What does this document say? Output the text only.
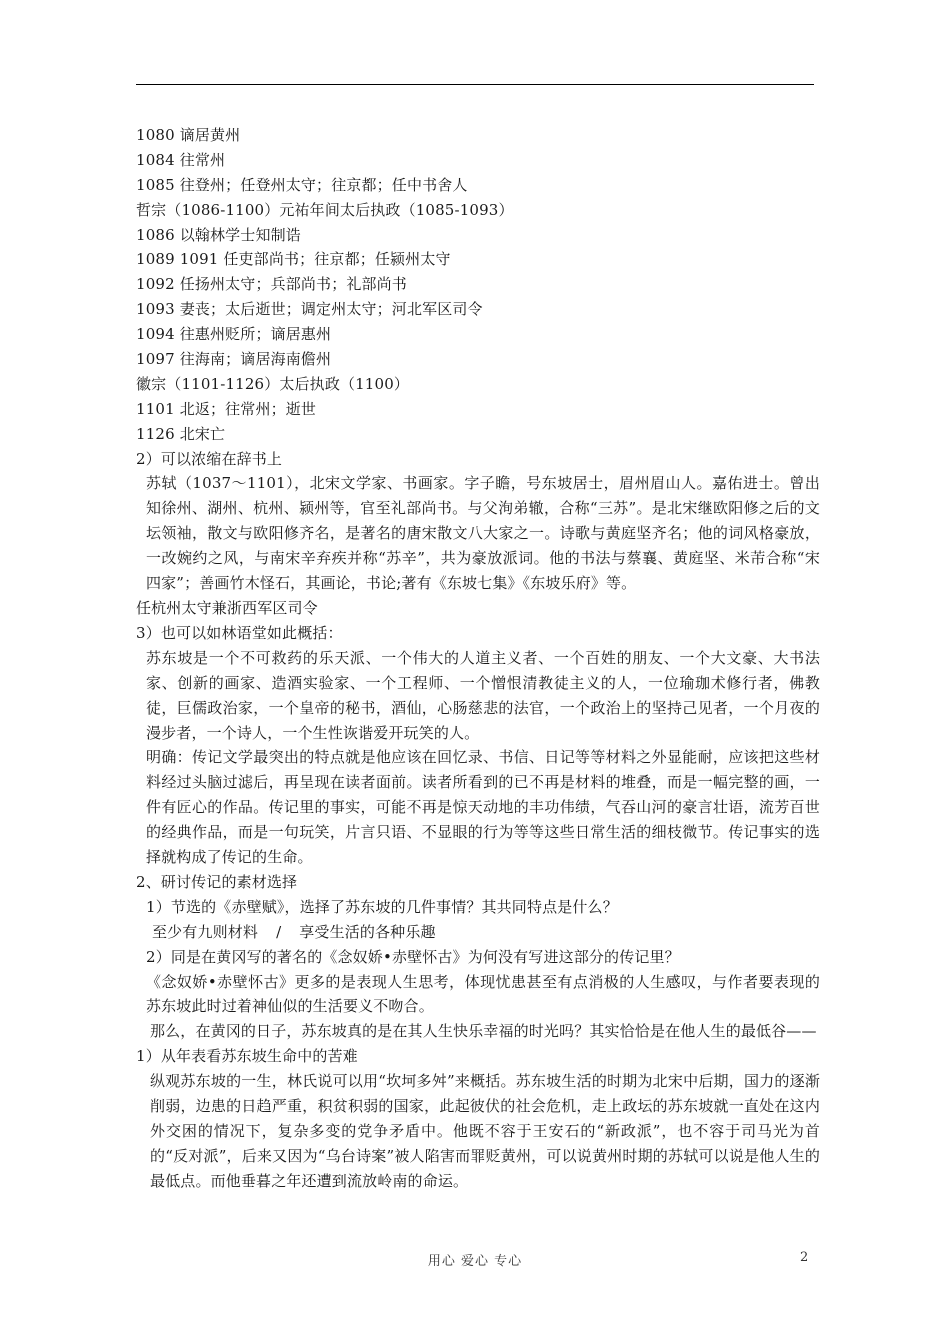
1080 谪居黄州
1084 往常州
1085 往登州；任登州太守；往京都；任中书舍人
哲宗（1086-1100）元祐年间太后执政（1085-1093）
1086 以翰林学士知制诰
1089 1091 任吏部尚书；往京都；任颍州太守
1092 任扬州太守；兵部尚书；礼部尚书
1093 妻丧；太后逝世；调定州太守；河北军区司令
1094 往惠州贬所；谪居惠州
1097 往海南；谪居海南儋州
徽宗（1101-1126）太后执政（1100）
1101 北返；往常州；逝世
1126 北宋亡
2）可以浓缩在辞书上
苏轼（1037～1101），北宋文学家、书画家。字子瞻，号东坡居士，眉州眉山人。嘉佑进士。曾出知徐州、湖州、杭州、颍州等，官至礼部尚书。与父洵弟辙，合称“三苏”。是北宋继欧阳修之后的文坛领袖，散文与欧阳修齐名，是著名的唐宋散文八大家之一。诗歌与黄庭坚齐名；他的词风格豪放，一改婉约之风，与南宋辛弃疾并称“苏辛”，共为豪放派词。他的书法与蔡襄、黄庭坚、米芾合称“宋四家”；善画竹木怪石，其画论，书论;著有《东坡七集》《东坡乐府》等。
任杭州太守兼浙西军区司令
3）也可以如林语堂如此概括：
苏东坡是一个不可救药的乐天派、一个伟大的人道主义者、一个百姓的朋友、一个大文豪、大书法家、创新的画家、造酒实验家、一个工程师、一个憎恨清教徒主义的人，一位瑜珈术修行者，佛教徒，巨儒政治家，一个皇帝的秘书，酒仙，心肠慈悲的法官，一个政治上的坚持己见者，一个月夜的漫步者，一个诗人，一个生性诙谐爱开玩笑的人。
明确：传记文学最突出的特点就是他应该在回忆录、书信、日记等等材料之外显能耐，应该把这些材料经过头脑过滤后，再呈现在读者面前。读者所看到的已不再是材料的堆叠，而是一幅完整的画，一件有匠心的作品。传记里的事实，可能不再是惊天动地的丰功伟绩，气吞山河的豪言壮语，流芳百世的经典作品，而是一句玩笑，片言只语、不显眼的行为等等这些日常生活的细枝微节。传记事实的选择就构成了传记的生命。
2、研讨传记的素材选择
1）节选的《赤壁赋》，选择了苏东坡的几件事情？其共同特点是什么？
至少有九则材料 / 享受生活的各种乐趣
2）同是在黄冈写的著名的《念奴娇•赤壁怀古》为何没有写进这部分的传记里？
《念奴娇•赤壁怀古》更多的是表现人生思考，体现忧患甚至有点消极的人生感叹，与作者要表现的苏东坡此时过着神仙似的生活要义不吻合。
那么，在黄冈的日子，苏东坡真的是在其人生快乐幸福的时光吗？其实恰恰是在他人生的最低谷——
1）从年表看苏东坡生命中的苦难
纵观苏东坡的一生，林氏说可以用“坎坷多舛”来概括。苏东坡生活的时期为北宋中后期，国力的逐渐削弱，边患的日趋严重，积贫积弱的国家，此起彼伏的社会危机，走上政坛的苏东坡就一直处在这内外交困的情况下，复杂多变的党争矛盾中。他既不容于王安石的“新政派”，也不容于司马光为首的“反对派”，后来又因为“乌台诗案”被人陷害而罪贬黄州，可以说黄州时期的苏轼可以说是他人生的最低点。而他垂暮之年还遭到流放岭南的命运。
用心 爱心 专心	2
